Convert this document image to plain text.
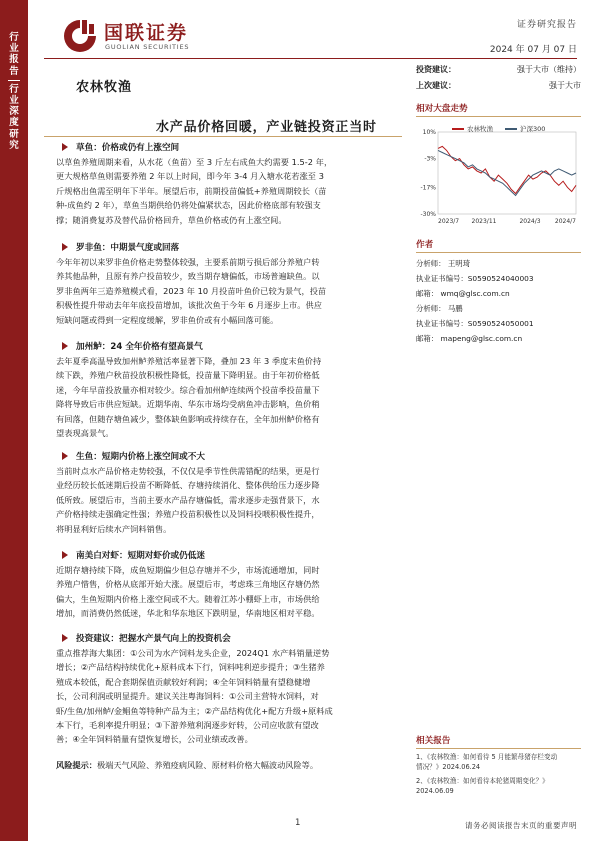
行
业
报
告
行
业
深
度
研
究
国联证券
GUOLIAN SECURITIES
证券研究报告
2024 年 07 月 07 日
农林牧渔
水产品价格回暖，产业链投资正当时
草鱼：价格或仍有上涨空间

以草鱼养殖周期来看，从水花（鱼苗）至 3 斤左右成鱼大约需要 1.5-2 年，

更大规格草鱼则需要养殖 2 年以上时间，即今年 3-4 月入塘水花若涨至 3

斤规格出鱼需至明年下半年。展望后市，前期投苗偏低+养殖周期较长（苗

种-成鱼约 2 年），草鱼当期供给仍将处偏紧状态，因此价格底部有较强支

撑；随消费复苏及替代品价格回升，草鱼价格或仍有上涨空间。

罗非鱼：中期景气度或回落

今年年初以来罗非鱼价格走势整体较强，主要系前期亏损后部分养殖户转

养其他品种，且原有养户投苗较少，致当期存塘偏低，市场普遍缺鱼。以

罗非鱼两年三造养殖模式看，2023 年 10 月投苗叶鱼价已较为景气，投苗

积极性提升带动去年年底投苗增加，该批次鱼于今年 6 月逐步上市。供应

短缺问题或得到一定程度缓解，罗非鱼价或有小幅回落可能。

加州鲈：24 全年价格有望高景气

去年夏季高温导致加州鲈养殖活率显著下降，叠加 23 年 3 季度末鱼价持

续下跌，养殖户秋苗投放积极性降低，投苗量下降明显。由于年初价格低

迷，今年早苗投放量亦相对较少。综合看加州鲈连续两个投苗季投苗量下

降将导致后市供应短缺。近期华南、华东市场均受病鱼冲击影响，鱼价稍

有回落，但随存塘鱼减少，整体缺鱼影响或持续存在，全年加州鲈价格有

望表现高景气。

生鱼：短期内价格上涨空间或不大

当前时点水产品价格走势较强，不仅仅是季节性供需错配的结果，更是行

业经历较长低迷期后投苗不断降低、存塘持续消化、整体供给压力逐步降

低所致。展望后市，当前主要水产品存塘偏低，需求逐步走强背景下，水

产价格持续走强确定性强；养殖户投苗积极性以及饲料投喂积极性提升，

将明显利好后续水产饲料销售。

南美白对虾：短期对虾价或仍低迷

近期存塘持续下降，成鱼短期偏少但总存塘并不少，市场流通增加，同时

养殖户惜售，价格从底部开始大涨。展望后市，考虑珠三角地区存塘仍然

偏大，生鱼短期内价格上涨空间或不大。随着江苏小棚虾上市，市场供给

增加，而消费仍然低迷，华北和华东地区下跌明显，华南地区相对平稳。

投资建议：把握水产景气向上的投资机会

重点推荐海大集团：①公司为水产饲料龙头企业，2024Q1 水产料销量逆势

增长；②产品结构持续优化+原料成本下行，饲料吨利逆步提升；③生猪养

殖成本较低，配合套期保值贡献较好利润；④全年饲料销量有望稳健增

长，公司利润或明显提升。建议关注粤海饲料：①公司主营特水饲料，对

虾/生鱼/加州鲈/金鲳鱼等特种产品为主；②产品结构优化+配方升级+原料成

本下行，毛利率提升明显；③下游养殖利润逐步好转，公司应收款有望改

善；④全年饲料销量有望恢复增长，公司业绩或改善。

风险提示：极端天气风险、养殖疫病风险、原材料价格大幅波动风险等。
投资建议：	强于大市（维持）
上次建议：	强于大市
相对大盘走势
农林牧渔	沪深300
10%
-3%
-17%
-30%
2023/7 2023/11	2024/3 2024/7
作者
分析师： 王明琦
执业证书编号：S0590524040003
邮箱： wmq@glsc.com.cn
分析师： 马鹏
执业证书编号：S0590524050001
邮箱： mapeng@glsc.com.cn
相关报告
1、《农林牧渔：如何看待 5 月能繁母猪存栏变动
情况？》2024.06.24
2、《农林牧渔：如何看待本轮猪周期变化？》
2024.06.09
1	请务必阅读报告末页的重要声明
